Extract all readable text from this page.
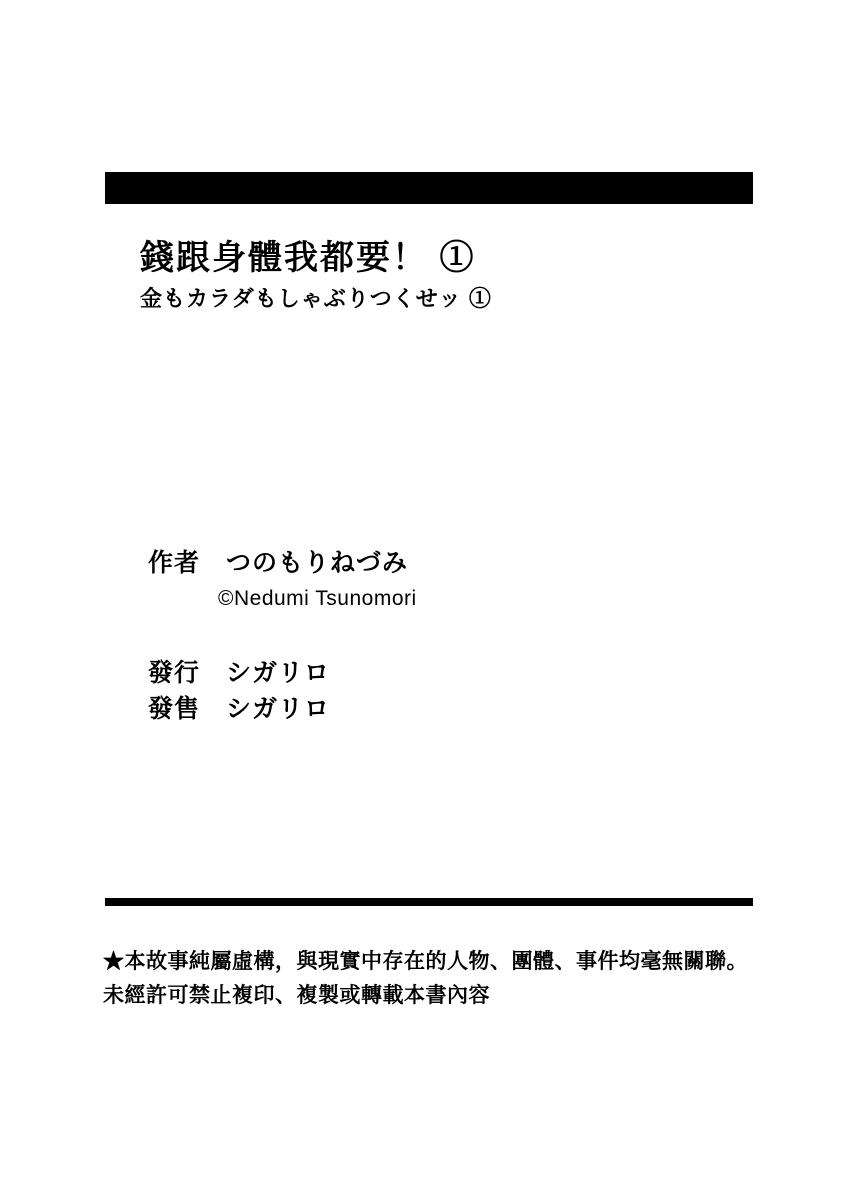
錢跟身體我都要！ ①
金もカラダもしゃぶりつくせッ ①
作者 つのもりねづみ
©Nedumi Tsunomori
發行 シガリロ
發售 シガリロ
★本故事純屬虛構，與現實中存在的人物、團體、事件均毫無關聯。
未經許可禁止複印、複製或轉載本書內容
